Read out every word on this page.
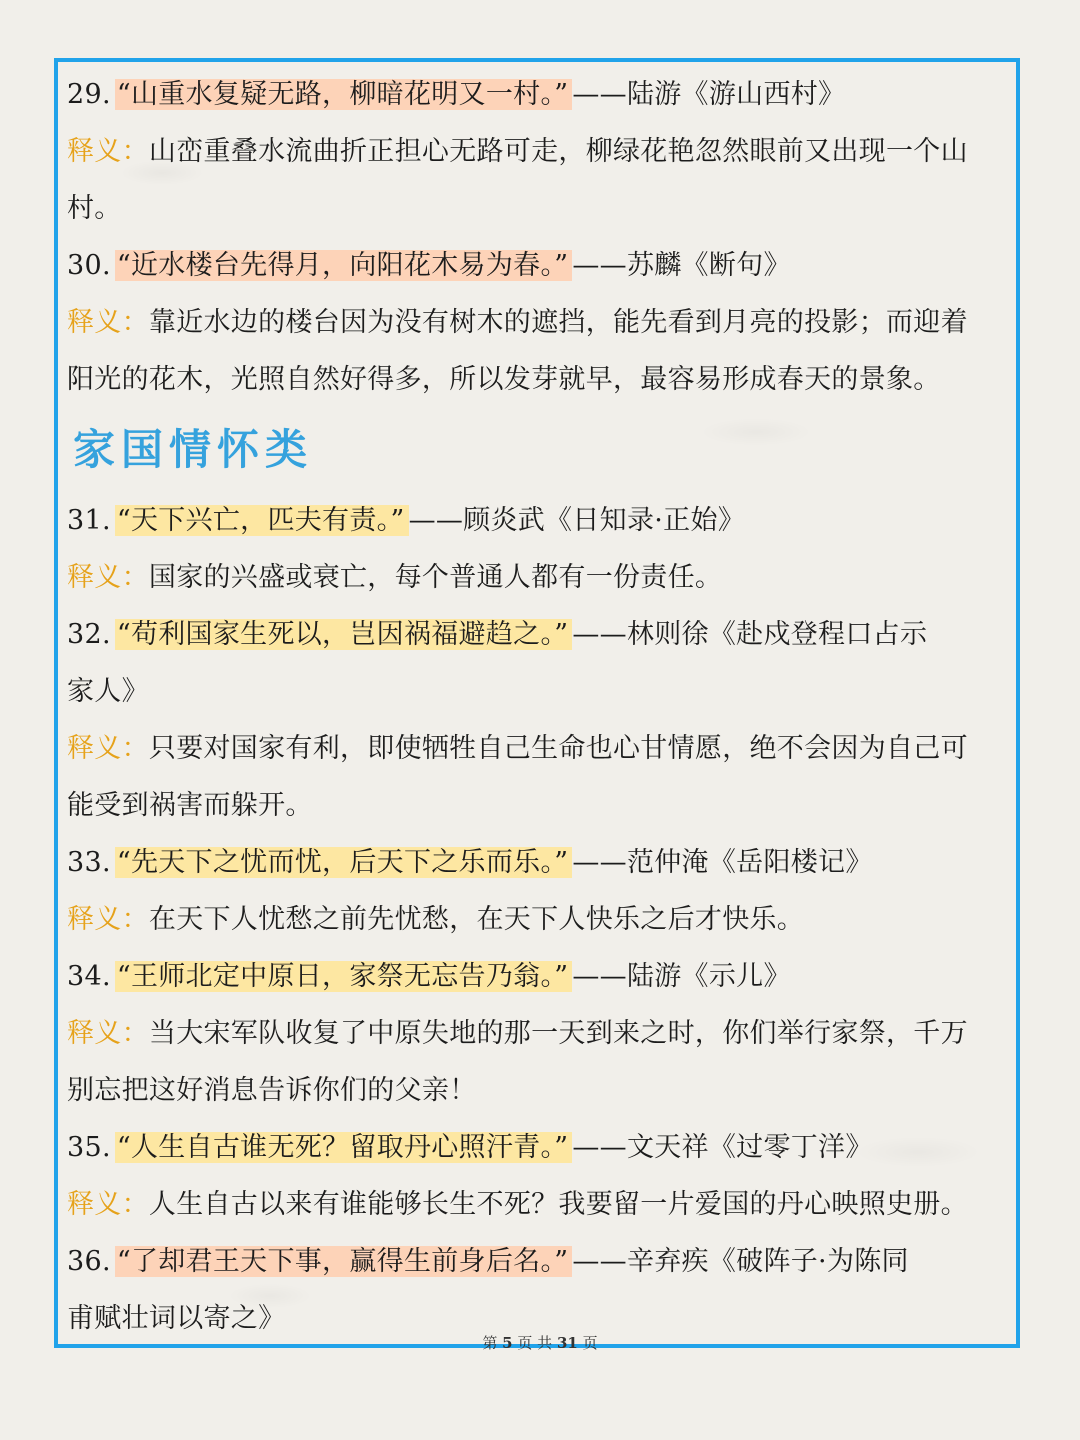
29. “山重水复疑无路，柳暗花明又一村。” ——陆游《游山西村》
释义：山峦重叠水流曲折正担心无路可走，柳绿花艳忽然眼前又出现一个山
村。
30. “近水楼台先得月，向阳花木易为春。” ——苏麟《断句》
释义：靠近水边的楼台因为没有树木的遮挡，能先看到月亮的投影；而迎着
阳光的花木，光照自然好得多，所以发芽就早，最容易形成春天的景象。
家国情怀类
31. “天下兴亡，匹夫有责。” ——顾炎武《日知录·正始》
释义：国家的兴盛或衰亡，每个普通人都有一份责任。
32. “苟利国家生死以，岂因祸福避趋之。” ——林则徐《赴戍登程口占示
家人》
释义：只要对国家有利，即使牺牲自己生命也心甘情愿，绝不会因为自己可
能受到祸害而躲开。
33. “先天下之忧而忧，后天下之乐而乐。” ——范仲淹《岳阳楼记》
释义：在天下人忧愁之前先忧愁，在天下人快乐之后才快乐。
34. “王师北定中原日，家祭无忘告乃翁。” ——陆游《示儿》
释义：当大宋军队收复了中原失地的那一天到来之时，你们举行家祭，千万
别忘把这好消息告诉你们的父亲！
35. “人生自古谁无死？留取丹心照汗青。” ——文天祥《过零丁洋》
释义：人生自古以来有谁能够长生不死？我要留一片爱国的丹心映照史册。
36. “了却君王天下事，赢得生前身后名。” ——辛弃疾《破阵子·为陈同
甫赋壮词以寄之》
第 5 页 共 31 页
